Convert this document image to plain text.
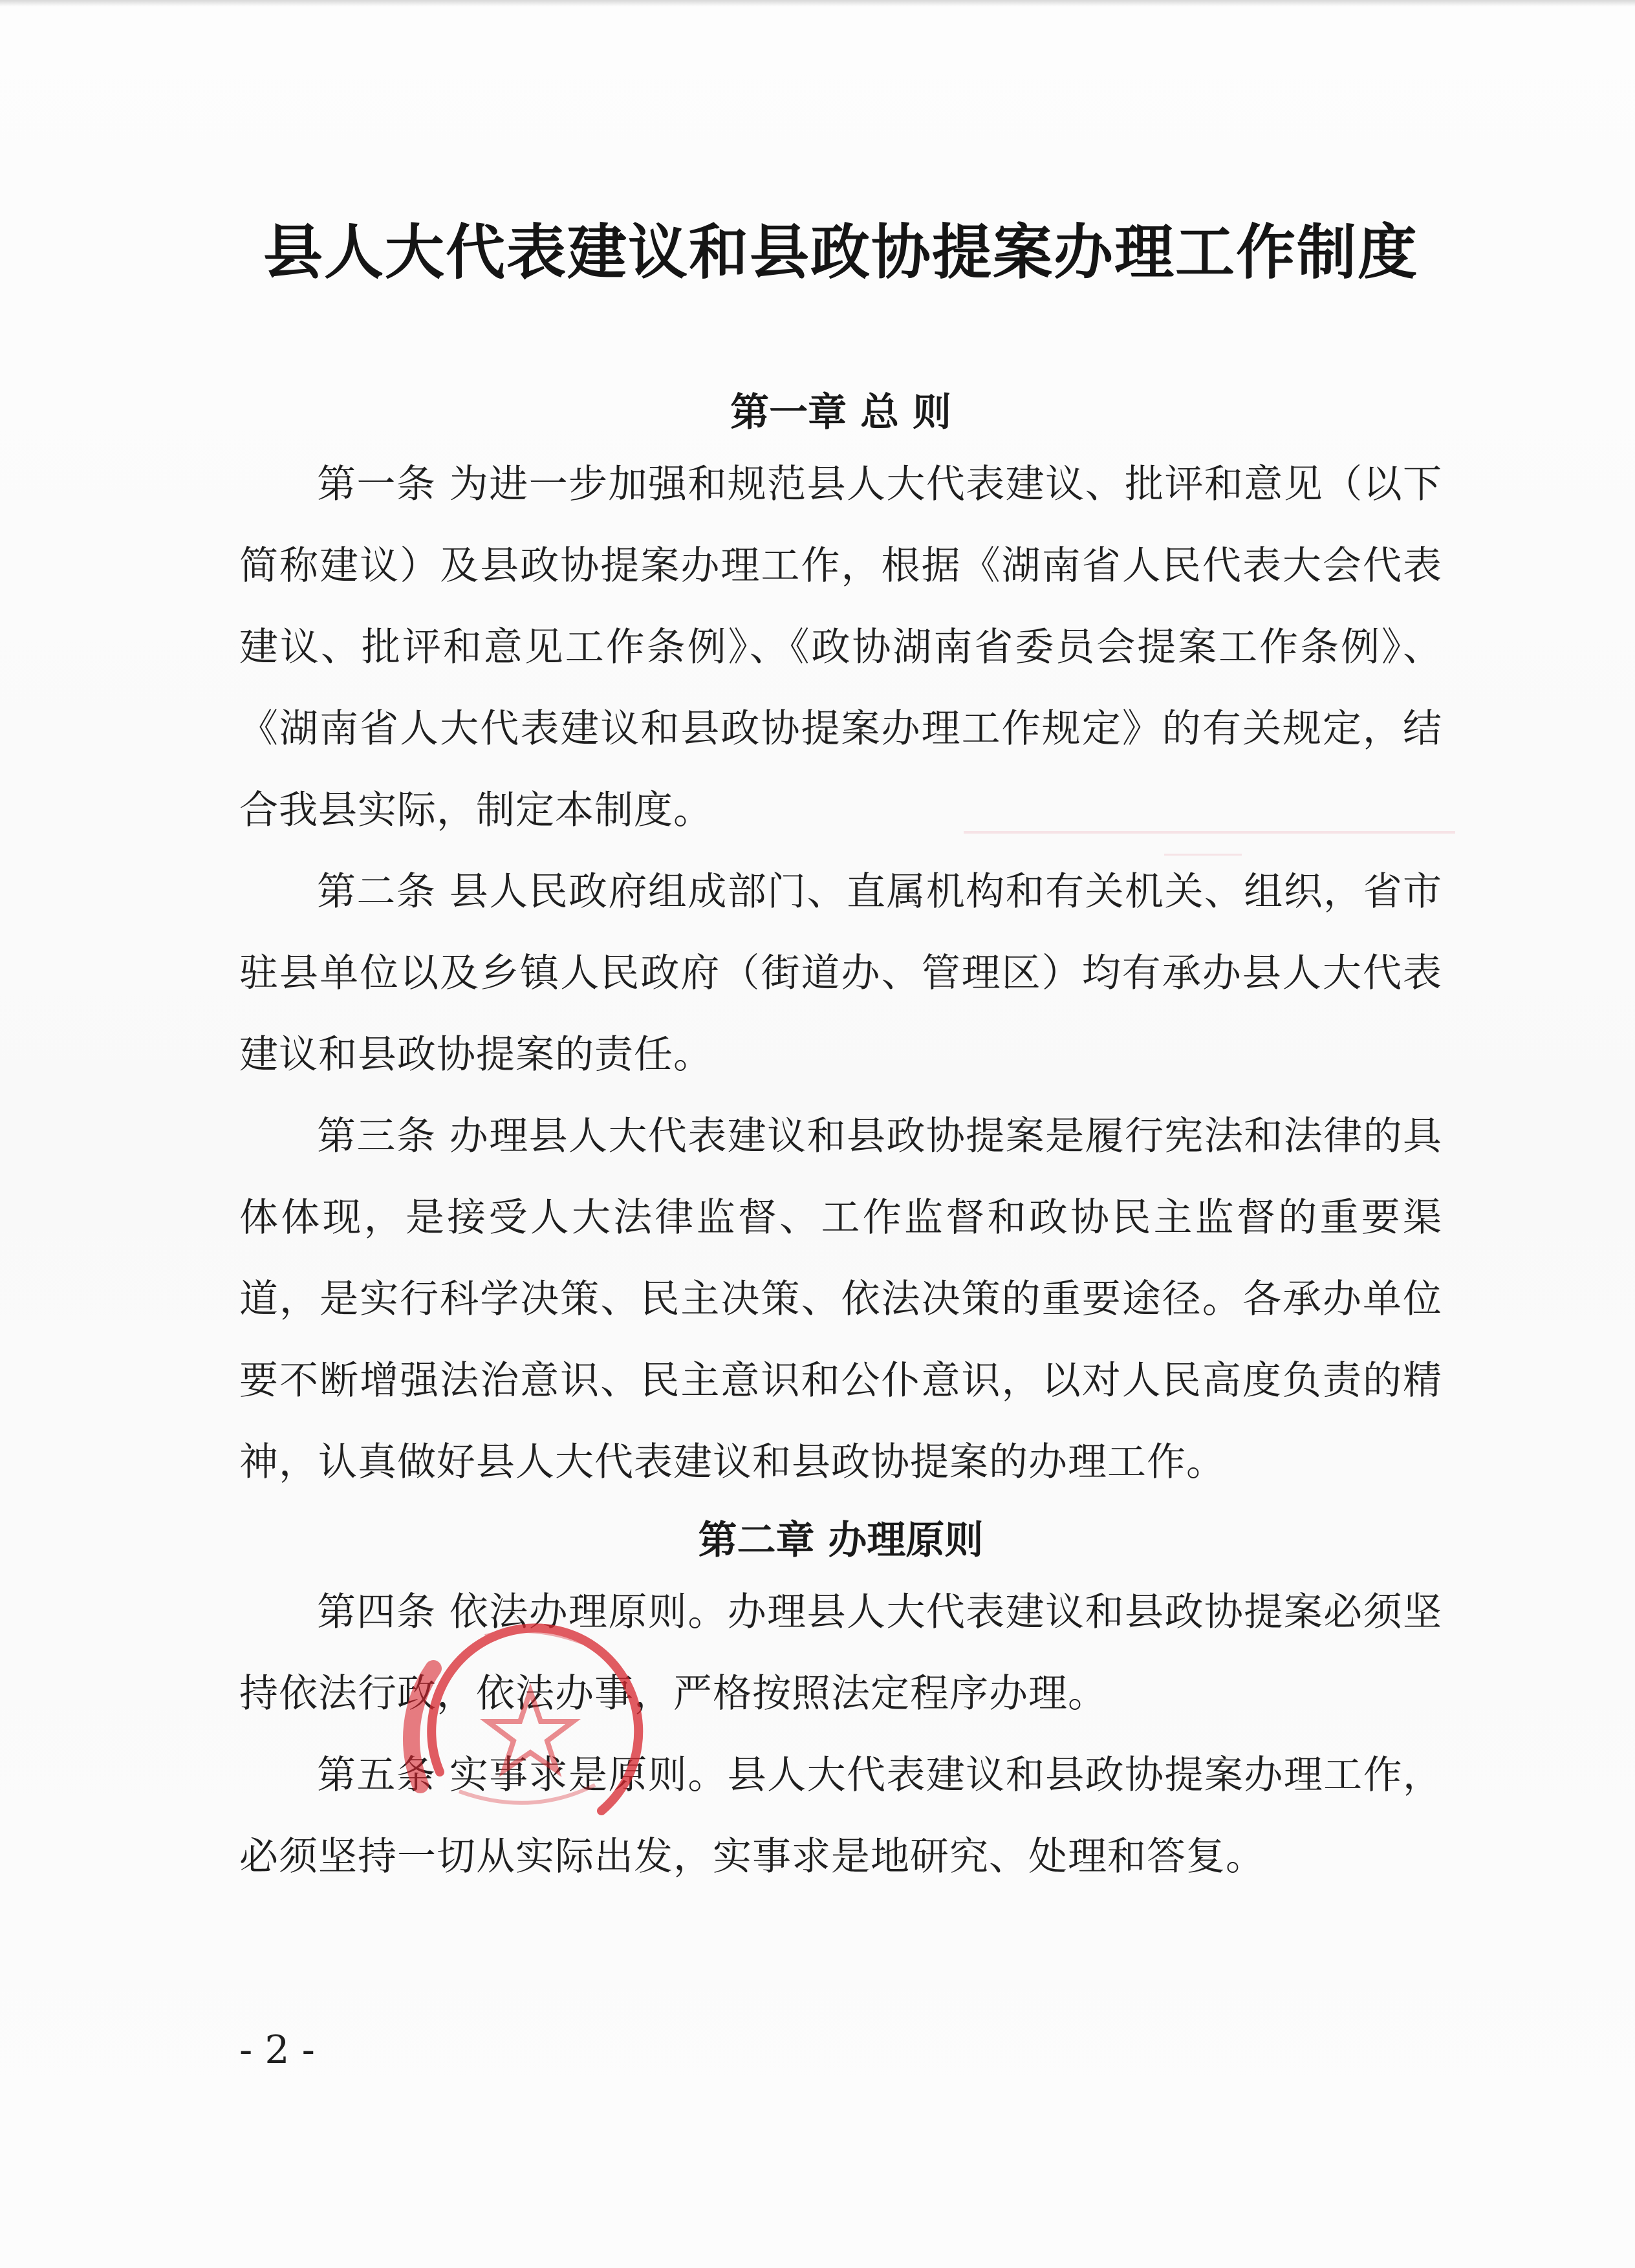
县人大代表建议和县政协提案办理工作制度
第一章 总 则

第一条 为进一步加强和规范县人大代表建议、批评和意见（以下简称建议）及县政协提案办理工作，根据《湖南省人民代表大会代表建议、批评和意见工作条例》、《政协湖南省委员会提案工作条例》、《湖南省人大代表建议和县政协提案办理工作规定》的有关规定，结合我县实际，制定本制度。

第二条 县人民政府组成部门、直属机构和有关机关、组织，省市驻县单位以及乡镇人民政府（街道办、管理区）均有承办县人大代表建议和县政协提案的责任。

第三条 办理县人大代表建议和县政协提案是履行宪法和法律的具体体现，是接受人大法律监督、工作监督和政协民主监督的重要渠道，是实行科学决策、民主决策、依法决策的重要途径。各承办单位要不断增强法治意识、民主意识和公仆意识，以对人民高度负责的精神，认真做好县人大代表建议和县政协提案的办理工作。

第二章 办理原则

第四条 依法办理原则。办理县人大代表建议和县政协提案必须坚持依法行政，依法办事，严格按照法定程序办理。

第五条 实事求是原则。县人大代表建议和县政协提案办理工作，必须坚持一切从实际出发，实事求是地研究、处理和答复。

- 2 -
